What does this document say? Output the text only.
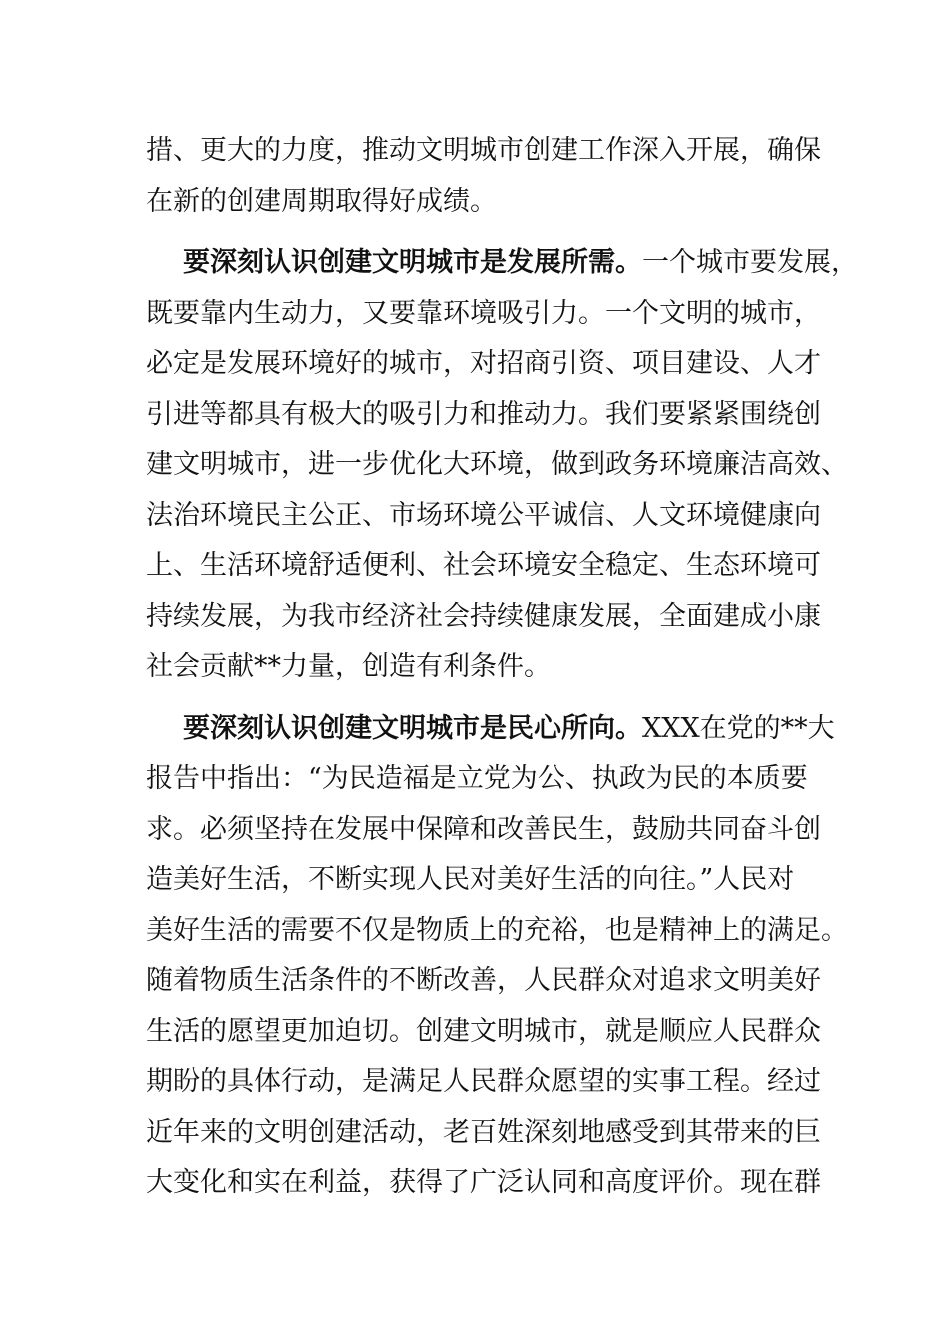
措、更大的力度，推动文明城市创建工作深入开展，确保
在新的创建周期取得好成绩。
要深刻认识创建文明城市是发展所需。一个城市要发展，
既要靠内生动力，又要靠环境吸引力。一个文明的城市，
必定是发展环境好的城市，对招商引资、项目建设、人才
引进等都具有极大的吸引力和推动力。我们要紧紧围绕创
建文明城市，进一步优化大环境，做到政务环境廉洁高效、
法治环境民主公正、市场环境公平诚信、人文环境健康向
上、生活环境舒适便利、社会环境安全稳定、生态环境可
持续发展，为我市经济社会持续健康发展，全面建成小康
社会贡献**力量，创造有利条件。
要深刻认识创建文明城市是民心所向。XXX在党的**大
报告中指出：“为民造福是立党为公、执政为民的本质要
求。必须坚持在发展中保障和改善民生，鼓励共同奋斗创
造美好生活，不断实现人民对美好生活的向往。”人民对
美好生活的需要不仅是物质上的充裕，也是精神上的满足。
随着物质生活条件的不断改善，人民群众对追求文明美好
生活的愿望更加迫切。创建文明城市，就是顺应人民群众
期盼的具体行动，是满足人民群众愿望的实事工程。经过
近年来的文明创建活动，老百姓深刻地感受到其带来的巨
大变化和实在利益，获得了广泛认同和高度评价。现在群
